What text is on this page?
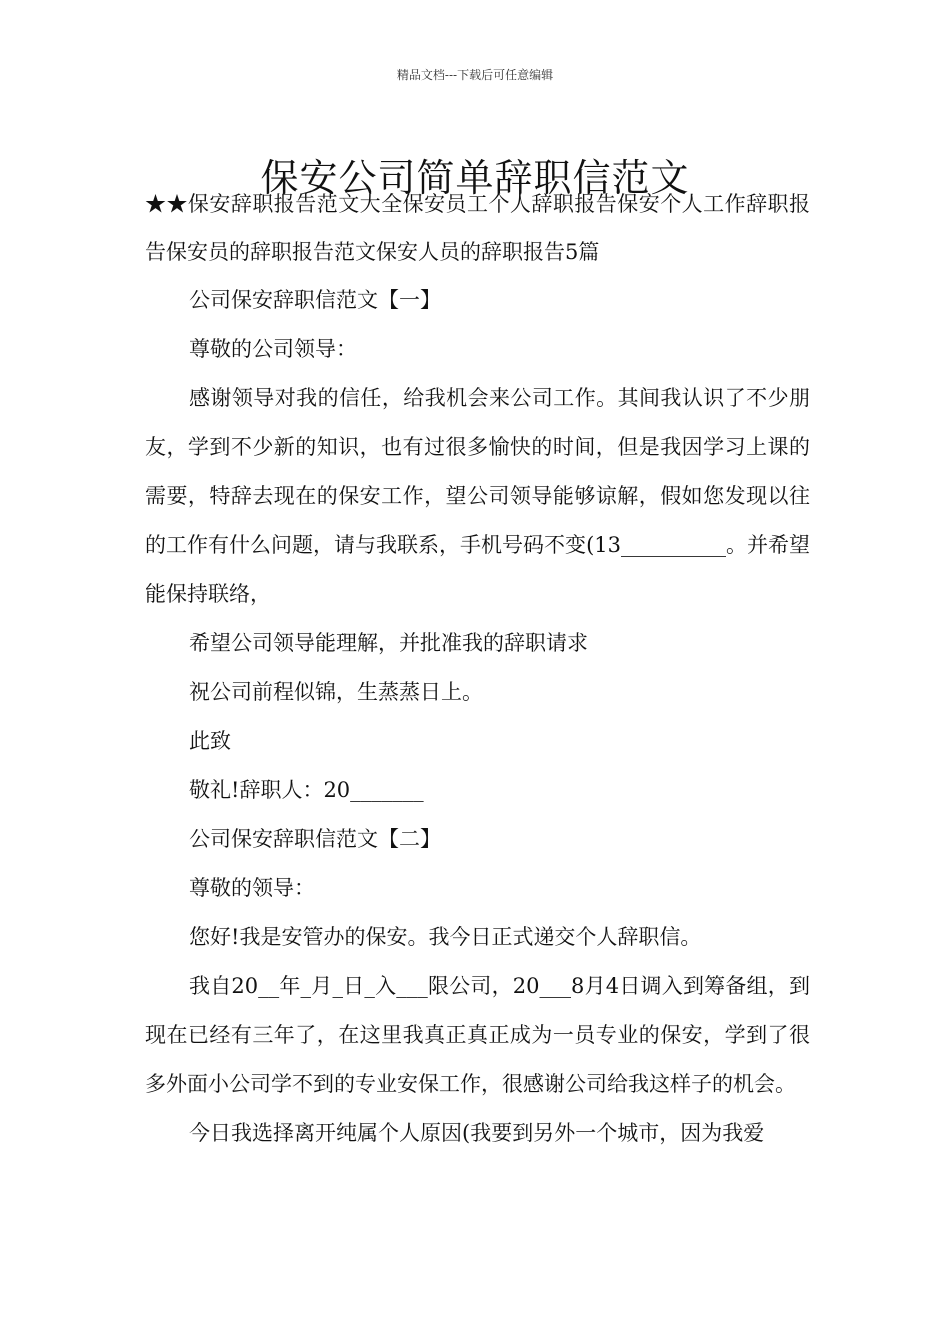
精品文档---下载后可任意编辑
保安公司简单辞职信范文

★★保安辞职报告范文大全保安员工个人辞职报告保安个人工作辞职报告保安员的辞职报告范文保安人员的辞职报告5篇

公司保安辞职信范文【一】

尊敬的公司领导：

感谢领导对我的信任，给我机会来公司工作。其间我认识了不少朋友，学到不少新的知识，也有过很多愉快的时间，但是我因学习上课的需要，特辞去现在的保安工作，望公司领导能够谅解，假如您发现以往的工作有什么问题，请与我联系，手机号码不变(13__________。并希望能保持联络，

希望公司领导能理解，并批准我的辞职请求

祝公司前程似锦，生蒸蒸日上。

此致

敬礼!辞职人：20_______

公司保安辞职信范文【二】

尊敬的领导：

您好!我是安管办的保安。我今日正式递交个人辞职信。

我自20__年_月_日_入___限公司，20___8月4日调入到筹备组，到现在已经有三年了，在这里我真正真正成为一员专业的保安，学到了很多外面小公司学不到的专业安保工作，很感谢公司给我这样子的机会。

今日我选择离开纯属个人原因(我要到另外一个城市，因为我爱
